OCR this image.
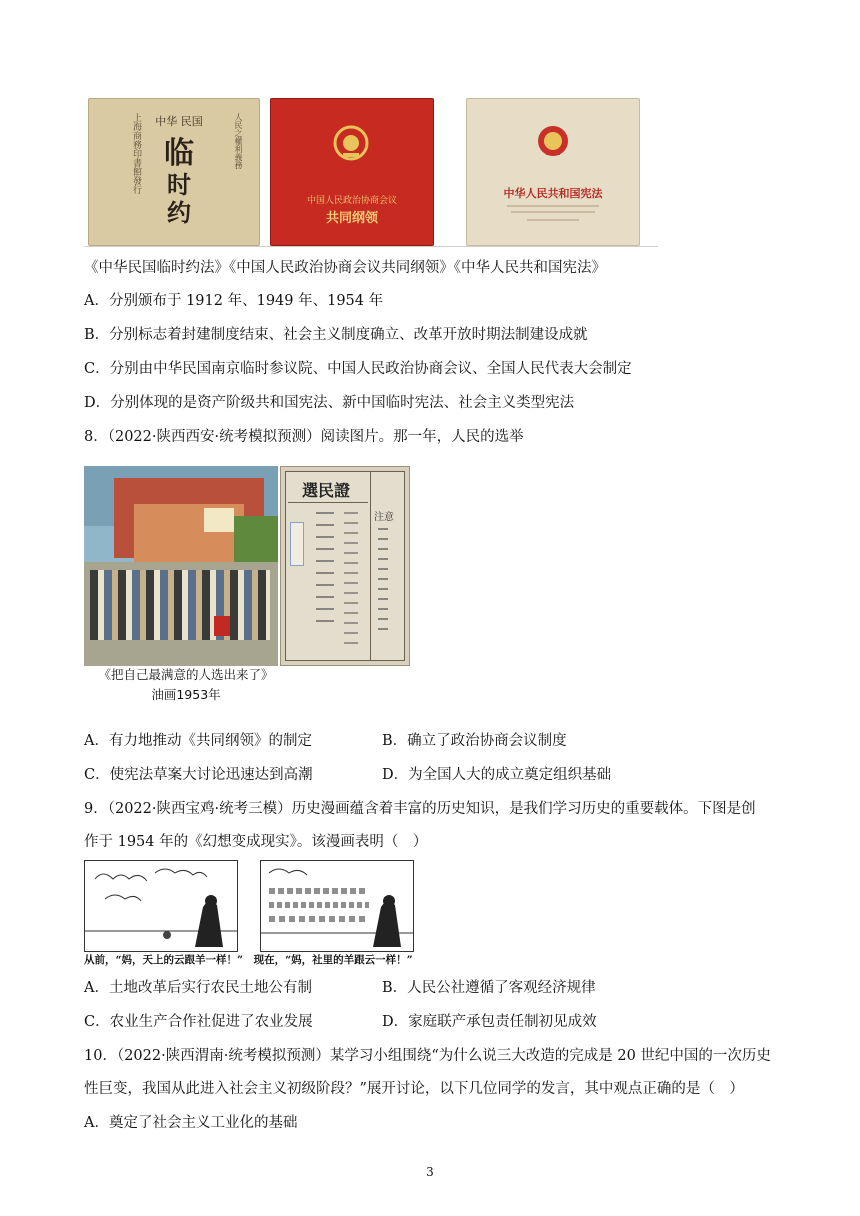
上海商務印書館發行	中华 民国
临
时
约
人民之權利義務
中国人民政治协商会议
共同纲领
中华人民共和国宪法
《中华民国临时约法》《中国人民政治协商会议共同纲领》《中华人民共和国宪法》
A．分别颁布于 1912 年、1949 年、1954 年
B．分别标志着封建制度结束、社会主义制度确立、改革开放时期法制建设成就
C．分别由中华民国南京临时参议院、中国人民政治协商会议、全国人民代表大会制定
D．分别体现的是资产阶级共和国宪法、新中国临时宪法、社会主义类型宪法
8．（2022·陕西西安·统考模拟预测）阅读图片。那一年，人民的选举
《把自己最满意的人选出来了》
油画1953年
選民證
注意
A．有力地推动《共同纲领》的制定	B．确立了政治协商会议制度
C．使宪法草案大讨论迅速达到高潮	D．为全国人大的成立奠定组织基础
9．（2022·陕西宝鸡·统考三模）历史漫画蕴含着丰富的历史知识，是我们学习历史的重要载体。下图是创
作于 1954 年的《幻想变成现实》。该漫画表明（　）
从前，“妈，天上的云跟羊一样！”　现在，“妈，社里的羊跟云一样！”
A．土地改革后实行农民土地公有制	B．人民公社遵循了客观经济规律
C．农业生产合作社促进了农业发展	D．家庭联产承包责任制初见成效
10．（2022·陕西渭南·统考模拟预测）某学习小组围绕“为什么说三大改造的完成是 20 世纪中国的一次历史
性巨变，我国从此进入社会主义初级阶段？”展开讨论，以下几位同学的发言，其中观点正确的是（　）
A．奠定了社会主义工业化的基础
3
